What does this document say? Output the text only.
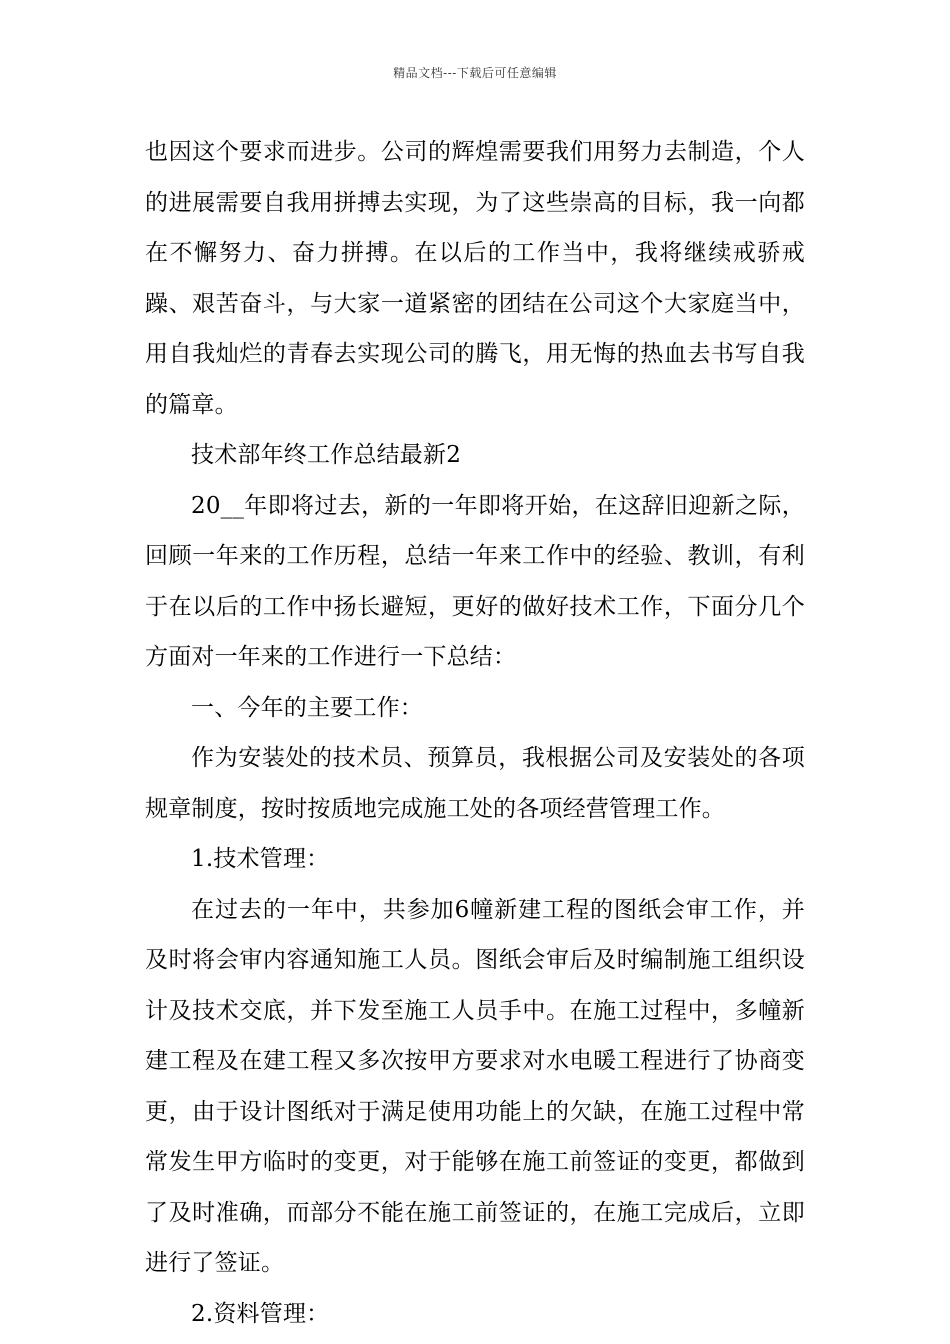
精品文档---下载后可任意编辑

也因这个要求而进步。公司的辉煌需要我们用努力去制造，个人的进展需要自我用拼搏去实现，为了这些崇高的目标，我一向都在不懈努力、奋力拼搏。在以后的工作当中，我将继续戒骄戒躁、艰苦奋斗，与大家一道紧密的团结在公司这个大家庭当中，用自我灿烂的青春去实现公司的腾飞，用无悔的热血去书写自我的篇章。

技术部年终工作总结最新2

20__年即将过去，新的一年即将开始，在这辞旧迎新之际，回顾一年来的工作历程，总结一年来工作中的经验、教训，有利于在以后的工作中扬长避短，更好的做好技术工作，下面分几个方面对一年来的工作进行一下总结：

一、今年的主要工作：

作为安装处的技术员、预算员，我根据公司及安装处的各项规章制度，按时按质地完成施工处的各项经营管理工作。

1.技术管理：

在过去的一年中，共参加6幢新建工程的图纸会审工作，并及时将会审内容通知施工人员。图纸会审后及时编制施工组织设计及技术交底，并下发至施工人员手中。在施工过程中，多幢新建工程及在建工程又多次按甲方要求对水电暖工程进行了协商变更，由于设计图纸对于满足使用功能上的欠缺，在施工过程中常常发生甲方临时的变更，对于能够在施工前签证的变更，都做到了及时准确，而部分不能在施工前签证的，在施工完成后，立即进行了签证。

2.资料管理：
